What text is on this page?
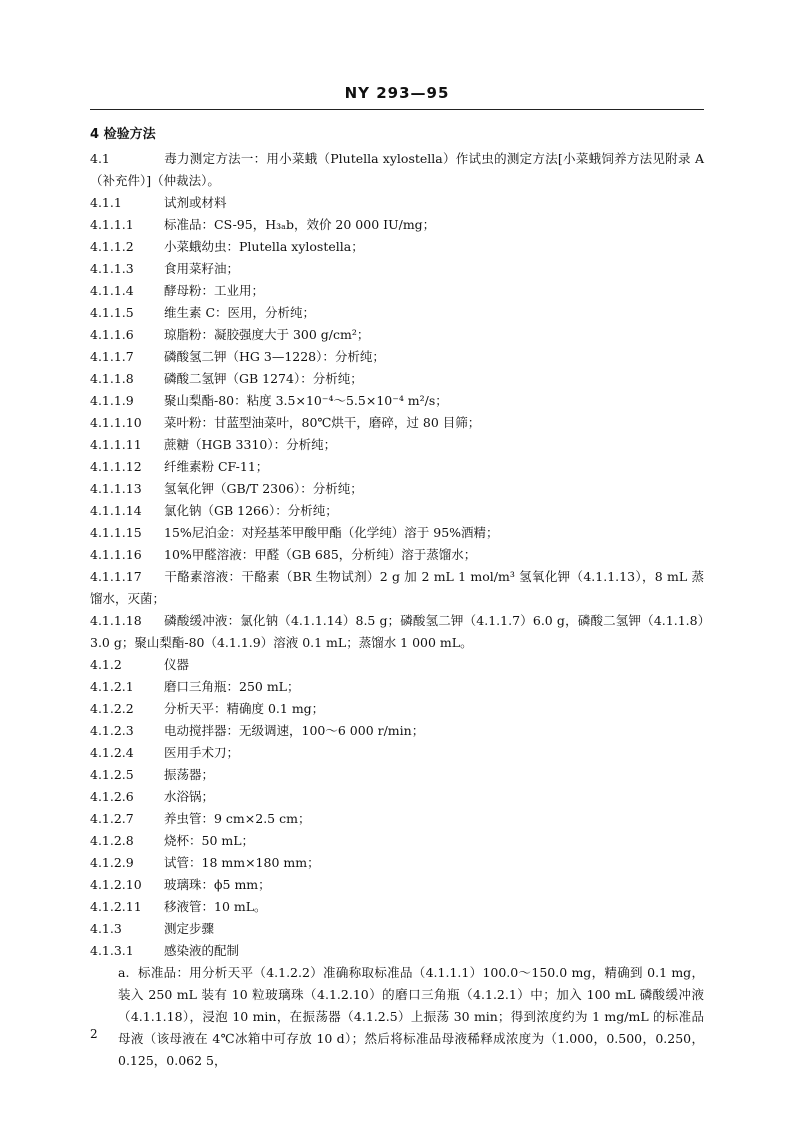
NY 293—95
4 检验方法
4.1	毒力测定方法一：用小菜蛾（Plutella xylostella）作试虫的测定方法[小菜蛾饲养方法见附录 A（补充件）]（仲裁法）。
4.1.1	试剂或材料
4.1.1.1 标准品：CS-95，H₃ₐb，效价 20 000 IU/mg；
4.1.1.2 小菜蛾幼虫：Plutella xylostella；
4.1.1.3 食用菜籽油；
4.1.1.4 酵母粉：工业用；
4.1.1.5 维生素 C：医用，分析纯；
4.1.1.6 琼脂粉：凝胶强度大于 300 g/cm²；
4.1.1.7 磷酸氢二钾（HG 3—1228）：分析纯；
4.1.1.8 磷酸二氢钾（GB 1274）：分析纯；
4.1.1.9 聚山梨酯-80：粘度 3.5×10⁻⁴～5.5×10⁻⁴ m²/s；
4.1.1.10 菜叶粉：甘蓝型油菜叶，80℃烘干，磨碎，过 80 目筛；
4.1.1.11 蔗糖（HGB 3310）：分析纯；
4.1.1.12 纤维素粉 CF-11；
4.1.1.13 氢氧化钾（GB/T 2306）：分析纯；
4.1.1.14 氯化钠（GB 1266）：分析纯；
4.1.1.15 15%尼泊金：对羟基苯甲酸甲酯（化学纯）溶于 95%酒精；
4.1.1.16 10%甲醛溶液：甲醛（GB 685，分析纯）溶于蒸馏水；
4.1.1.17 干酪素溶液：干酪素（BR 生物试剂）2 g 加 2 mL 1 mol/m³ 氢氧化钾（4.1.1.13），8 mL 蒸馏水，灭菌；
4.1.1.18 磷酸缓冲液：氯化钠（4.1.1.14）8.5 g；磷酸氢二钾（4.1.1.7）6.0 g，磷酸二氢钾（4.1.1.8）3.0 g；聚山梨酯-80（4.1.1.9）溶液 0.1 mL；蒸馏水 1 000 mL。
4.1.2	仪器
4.1.2.1 磨口三角瓶：250 mL；
4.1.2.2 分析天平：精确度 0.1 mg；
4.1.2.3 电动搅拌器：无级调速，100～6 000 r/min；
4.1.2.4 医用手术刀；
4.1.2.5 振荡器；
4.1.2.6 水浴锅；
4.1.2.7 养虫管：9 cm×2.5 cm；
4.1.2.8 烧杯：50 mL；
4.1.2.9 试管：18 mm×180 mm；
4.1.2.10 玻璃珠：ϕ5 mm；
4.1.2.11 移液管：10 mL。
4.1.3	测定步骤
4.1.3.1 感染液的配制
a. 标准品：用分析天平（4.1.2.2）准确称取标准品（4.1.1.1）100.0～150.0 mg，精确到 0.1 mg，装入 250 mL 装有 10 粒玻璃珠（4.1.2.10）的磨口三角瓶（4.1.2.1）中；加入 100 mL 磷酸缓冲液（4.1.1.18），浸泡 10 min，在振荡器（4.1.2.5）上振荡 30 min；得到浓度约为 1 mg/mL 的标准品母液（该母液在 4℃冰箱中可存放 10 d）；然后将标准品母液稀释成浓度为（1.000，0.500，0.250，0.125，0.062 5，
2
